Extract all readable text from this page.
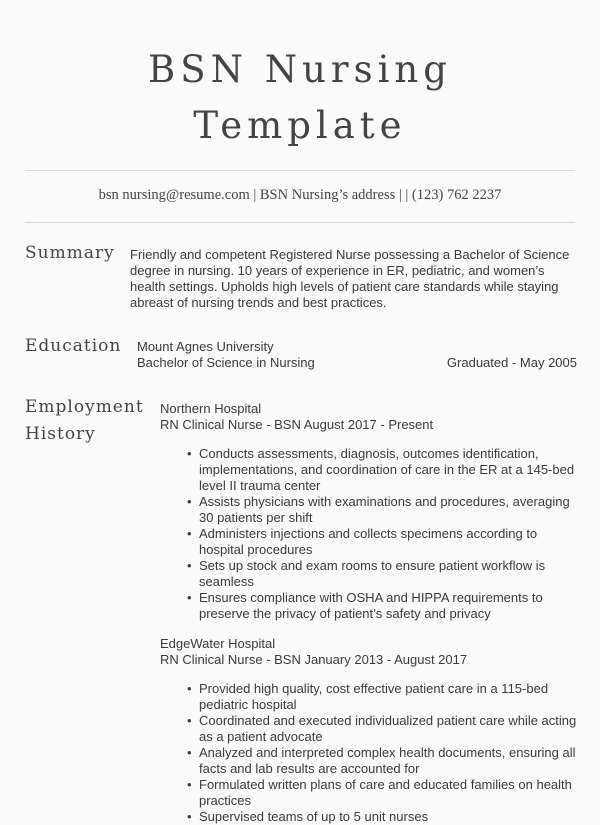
BSN Nursing
Template
bsn nursing@resume.com | BSN Nursing’s address | | (123) 762 2237
Summary Friendly and competent Registered Nurse possessing a Bachelor of Science degree in nursing. 10 years of experience in ER, pediatric, and women’s health settings. Upholds high levels of patient care standards while staying abreast of nursing trends and best practices.
Education Mount Agnes University
Bachelor of Science in Nursing	Graduated - May 2005
Employment
History
Northern Hospital
RN Clinical Nurse - BSN August 2017 - Present
• Conducts assessments, diagnosis, outcomes identification, implementations, and coordination of care in the ER at a 145-bed level II trauma center
• Assists physicians with examinations and procedures, averaging 30 patients per shift
• Administers injections and collects specimens according to hospital procedures
• Sets up stock and exam rooms to ensure patient workflow is seamless
• Ensures compliance with OSHA and HIPPA requirements to preserve the privacy of patient’s safety and privacy
EdgeWater Hospital
RN Clinical Nurse - BSN January 2013 - August 2017
• Provided high quality, cost effective patient care in a 115-bed pediatric hospital
• Coordinated and executed individualized patient care while acting as a patient advocate
• Analyzed and interpreted complex health documents, ensuring all facts and lab results are accounted for
• Formulated written plans of care and educated families on health practices
• Supervised teams of up to 5 unit nurses
